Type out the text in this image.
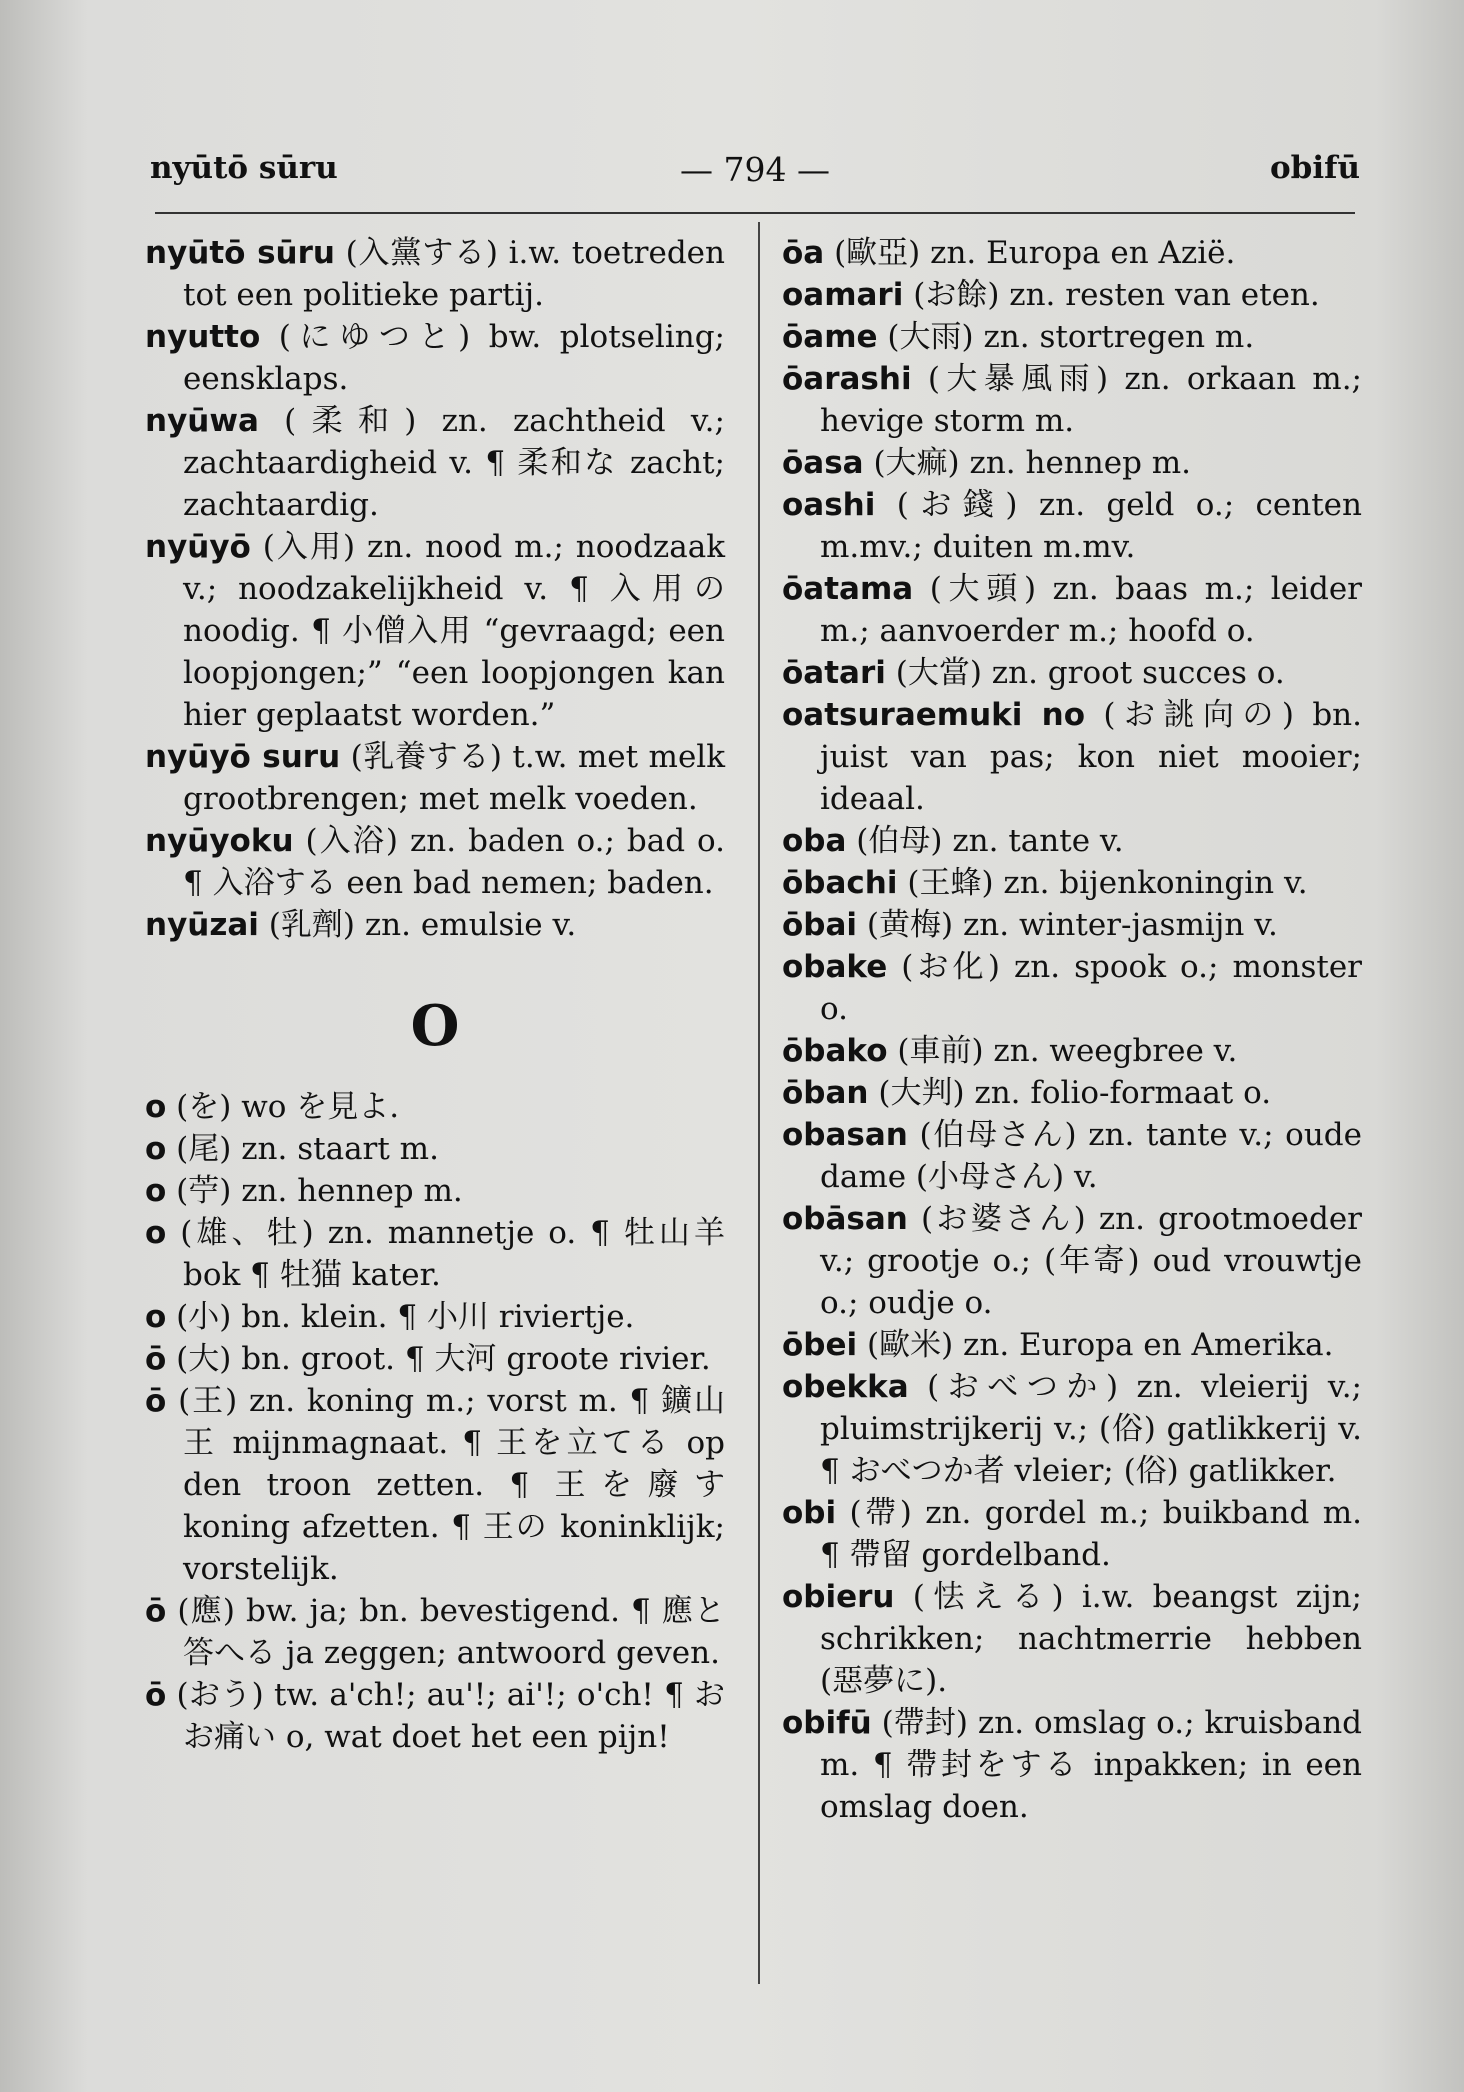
nyūtō sūru	— 794 —	obifū
nyūtō sūru (入黨する) i.w. toetreden tot een politieke partij.
nyutto (にゆつと) bw. plotseling; eensklaps.
nyūwa (柔和) zn. zachtheid v.; zachtaardigheid v. ¶ 柔和な zacht; zachtaardig.
nyūyō (入用) zn. nood m.; noodzaak v.; noodzakelijkheid v. ¶ 入用の noodig. ¶ 小僧入用 “gevraagd; een loopjongen;” “een loopjongen kan hier geplaatst worden.”
nyūyō suru (乳養する) t.w. met melk grootbrengen; met melk voeden.
nyūyoku (入浴) zn. baden o.; bad o. ¶ 入浴する een bad nemen; baden.
nyūzai (乳劑) zn. emulsie v.
O
o (を) wo を見よ.
o (尾) zn. staart m.
o (苧) zn. hennep m.
o (雄、牡) zn. mannetje o. ¶ 牡山羊 bok ¶ 牡猫 kater.
o (小) bn. klein. ¶ 小川 riviertje.
ō (大) bn. groot. ¶ 大河 groote rivier.
ō (王) zn. koning m.; vorst m. ¶ 鑛山王 mijnmagnaat. ¶ 王を立てる op den troon zetten. ¶ 王を廢す koning afzetten. ¶ 王の koninklijk; vorstelijk.
ō (應) bw. ja; bn. bevestigend. ¶ 應と答へる ja zeggen; antwoord geven.
ō (おう) tw. a'ch!; au'!; ai'!; o'ch! ¶ おお痛い o, wat doet het een pijn!
ōa (歐亞) zn. Europa en Azië.
oamari (お餘) zn. resten van eten.
ōame (大雨) zn. stortregen m.
ōarashi (大暴風雨) zn. orkaan m.; hevige storm m.
ōasa (大痲) zn. hennep m.
oashi (お錢) zn. geld o.; centen m.mv.; duiten m.mv.
ōatama (大頭) zn. baas m.; leider m.; aanvoerder m.; hoofd o.
ōatari (大當) zn. groot succes o.
oatsuraemuki no (お誂向の) bn. juist van pas; kon niet mooier; ideaal.
oba (伯母) zn. tante v.
ōbachi (王蜂) zn. bijenkoningin v.
ōbai (黄梅) zn. winter-jasmijn v.
obake (お化) zn. spook o.; monster o.
ōbako (車前) zn. weegbree v.
ōban (大判) zn. folio-formaat o.
obasan (伯母さん) zn. tante v.; oude dame (小母さん) v.
obāsan (お婆さん) zn. grootmoeder v.; grootje o.; (年寄) oud vrouwtje o.; oudje o.
ōbei (歐米) zn. Europa en Amerika.
obekka (おべつか) zn. vleierij v.; pluimstrijkerij v.; (俗) gatlikkerij v. ¶ おべつか者 vleier; (俗) gatlikker.
obi (帶) zn. gordel m.; buikband m. ¶ 帶留 gordelband.
obieru (怯える) i.w. beangst zijn; schrikken; nachtmerrie hebben (惡夢に).
obifū (帶封) zn. omslag o.; kruisband m. ¶ 帶封をする inpakken; in een omslag doen.
